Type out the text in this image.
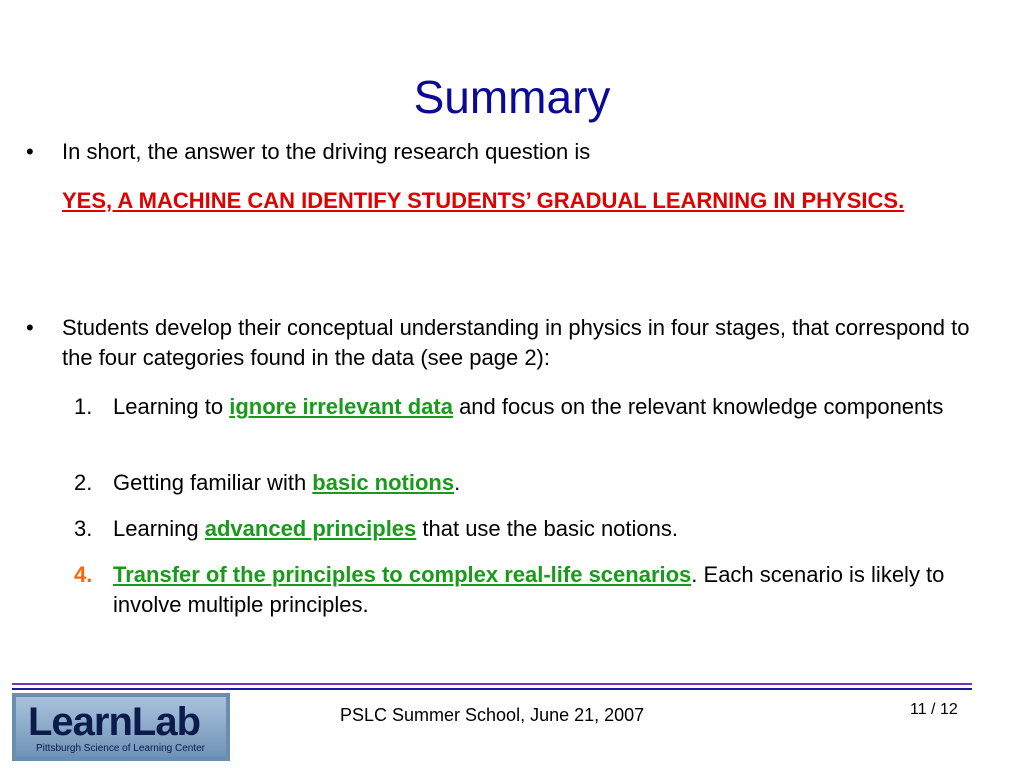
Summary
• In short, the answer to the driving research question is
YES, A MACHINE CAN IDENTIFY STUDENTS’ GRADUAL LEARNING IN PHYSICS.
• Students develop their conceptual understanding in physics in four stages, that correspond to the four categories found in the data (see page 2):
1. Learning to ignore irrelevant data and focus on the relevant knowledge components
2. Getting familiar with basic notions.
3. Learning advanced principles that use the basic notions.
4. Transfer of the principles to complex real-life scenarios. Each scenario is likely to involve multiple principles.
LearnLab
Pittsburgh Science of Learning Center
PSLC Summer School, June 21, 2007	11 / 12
